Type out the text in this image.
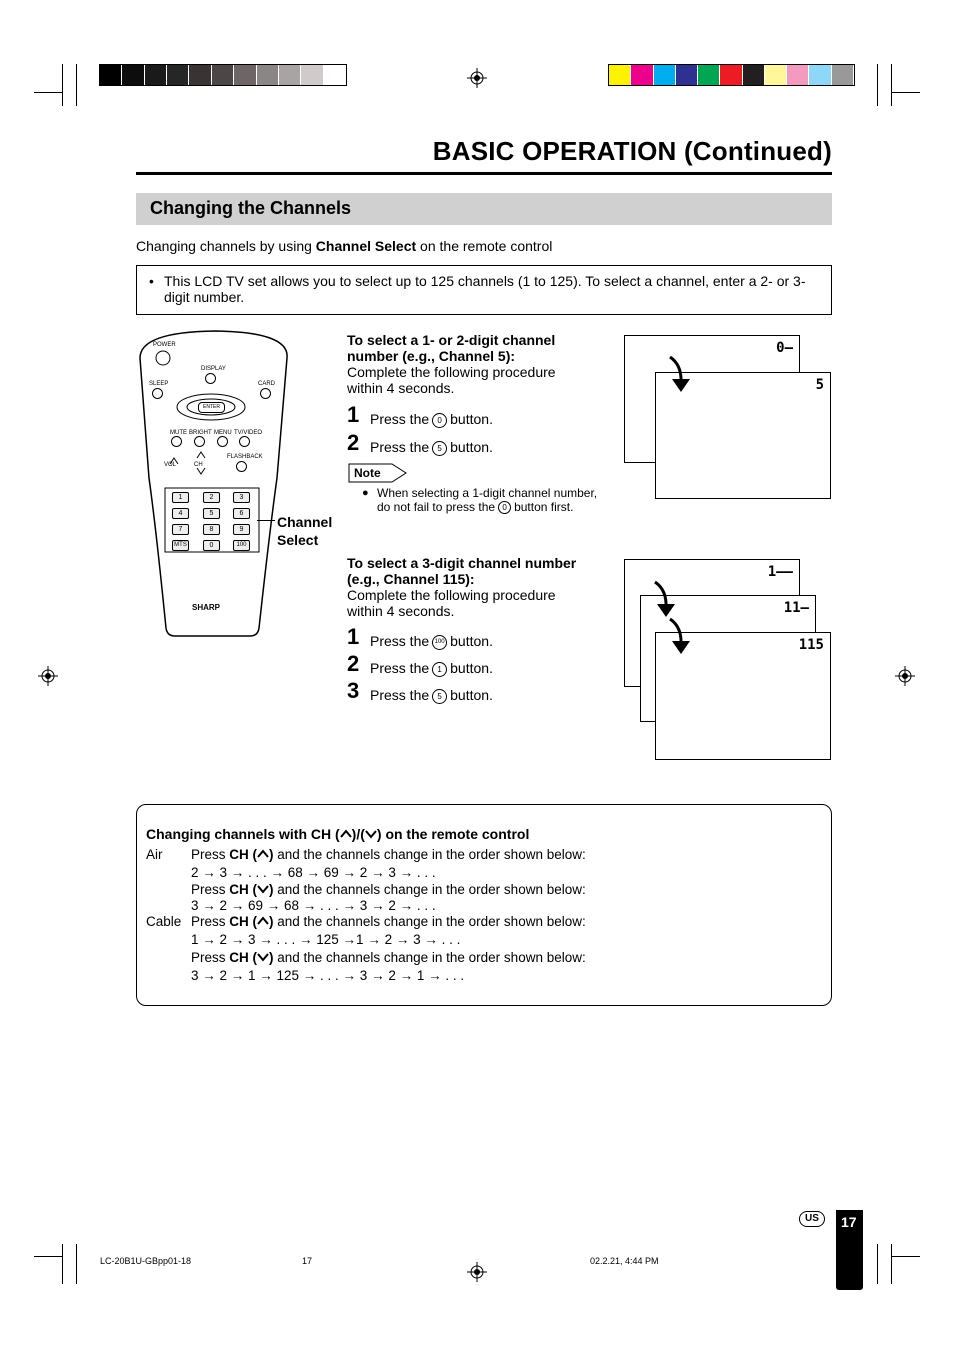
BASIC OPERATION (Continued)
Changing the Channels
Changing channels by using Channel Select on the remote control
• This LCD TV set allows you to select up to 125 channels (1 to 125). To select a channel, enter a 2- or 3-digit number.
POWER
DISPLAY
SLEEP	CARD
ENTER
MUTE BRIGHT MENU TV/VIDEO
FLASHBACK
VOL	CH
1	2	3
4	5	6
7	8	9
MTS	0	100
SHARP
Channel
Select
To select a 1- or 2-digit channel
number (e.g., Channel 5):
Complete the following procedure
within 4 seconds.
1 Press the 0 button.
2 Press the 5 button.
Note
● When selecting a 1-digit channel number,
do not fail to press the 0 button first.
0–
5
To select a 3-digit channel number
(e.g., Channel 115):
Complete the following procedure
within 4 seconds.
1 Press the 100 button.
2 Press the 1 button.
3 Press the 5 button.
1––
11–
115
Changing channels with CH ( )/( ) on the remote control
Air Press CH ( ) and the channels change in the order shown below:
2 → 3 → . . . → 68 → 69 → 2 → 3 → . . .
Press CH ( ) and the channels change in the order shown below:
3 → 2 → 69 → 68 → . . . → 3 → 2 → . . .
Cable Press CH ( ) and the channels change in the order shown below:
1 → 2 → 3 → . . . → 125 →1 → 2 → 3 → . . .
Press CH ( ) and the channels change in the order shown below:
3 → 2 → 1 → 125 → . . . → 3 → 2 → 1 → . . .
US	17
LC-20B1U-GBpp01-18	17	02.2.21, 4:44 PM
